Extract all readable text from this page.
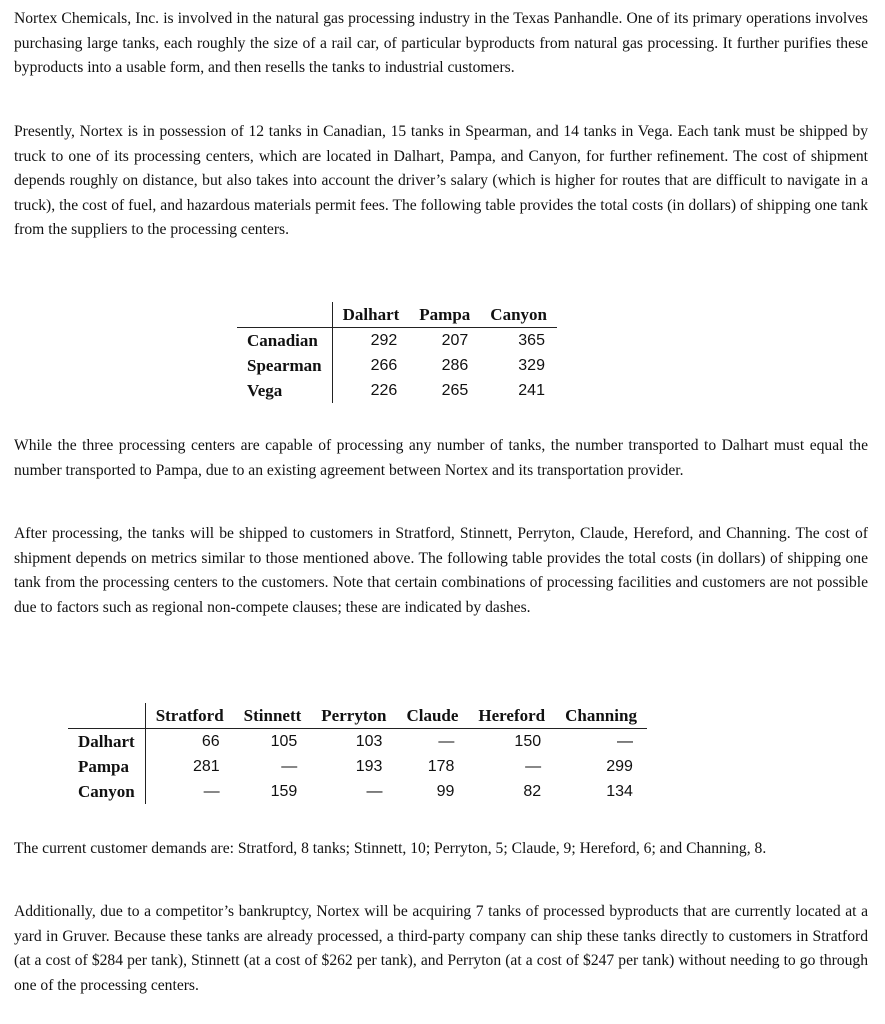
Nortex Chemicals, Inc. is involved in the natural gas processing industry in the Texas Panhandle. One of its primary operations involves purchasing large tanks, each roughly the size of a rail car, of particular byproducts from natural gas processing. It further purifies these byproducts into a usable form, and then resells the tanks to industrial customers.

Presently, Nortex is in possession of 12 tanks in Canadian, 15 tanks in Spearman, and 14 tanks in Vega. Each tank must be shipped by truck to one of its processing centers, which are located in Dalhart, Pampa, and Canyon, for further refinement. The cost of shipment depends roughly on distance, but also takes into account the driver’s salary (which is higher for routes that are difficult to navigate in a truck), the cost of fuel, and hazardous materials permit fees. The following table provides the total costs (in dollars) of shipping one tank from the suppliers to the processing centers.

	Dalhart	Pampa	Canyon
Canadian	292	207	365
Spearman	266	286	329
Vega	226	265	241

While the three processing centers are capable of processing any number of tanks, the number transported to Dalhart must equal the number transported to Pampa, due to an existing agreement between Nortex and its transportation provider.

After processing, the tanks will be shipped to customers in Stratford, Stinnett, Perryton, Claude, Hereford, and Channing. The cost of shipment depends on metrics similar to those mentioned above. The following table provides the total costs (in dollars) of shipping one tank from the processing centers to the customers. Note that certain combinations of processing facilities and customers are not possible due to factors such as regional non-compete clauses; these are indicated by dashes.

	Stratford	Stinnett	Perryton	Claude	Hereford	Channing
Dalhart	66	105	103	—	150	—
Pampa	281	—	193	178	—	299
Canyon	—	159	—	99	82	134

The current customer demands are: Stratford, 8 tanks; Stinnett, 10; Perryton, 5; Claude, 9; Hereford, 6; and Channing, 8.

Additionally, due to a competitor’s bankruptcy, Nortex will be acquiring 7 tanks of processed byproducts that are currently located at a yard in Gruver. Because these tanks are already processed, a third-party company can ship these tanks directly to customers in Stratford (at a cost of $284 per tank), Stinnett (at a cost of $262 per tank), and Perryton (at a cost of $247 per tank) without needing to go through one of the processing centers.
